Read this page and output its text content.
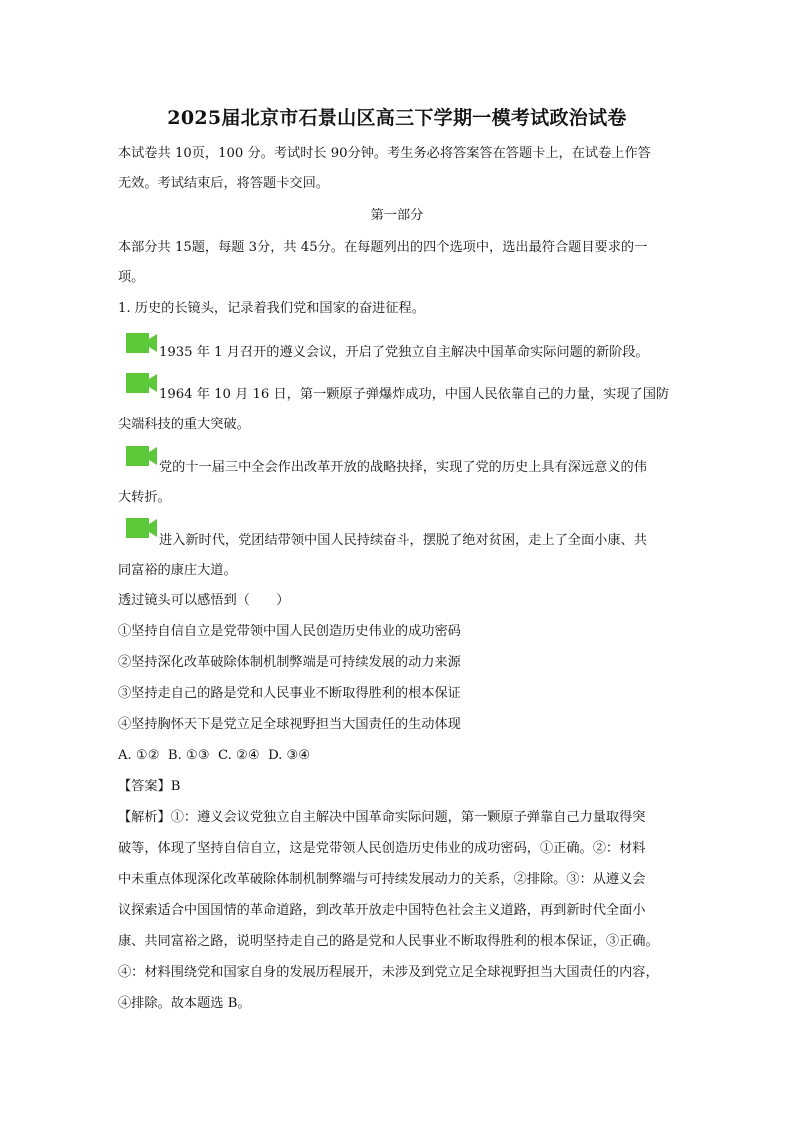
2025届北京市石景山区高三下学期一模考试政治试卷
本试卷共 10页，100 分。考试时长 90分钟。考生务必将答案答在答题卡上，在试卷上作答
无效。考试结束后，将答题卡交回。
第一部分
本部分共 15题，每题 3分，共 45分。在每题列出的四个选项中，选出最符合题目要求的一
项。
1. 历史的长镜头，记录着我们党和国家的奋进征程。
1935 年 1 月召开的遵义会议，开启了党独立自主解决中国革命实际问题的新阶段。
1964 年 10 月 16 日，第一颗原子弹爆炸成功，中国人民依靠自己的力量，实现了国防
尖端科技的重大突破。
党的十一届三中全会作出改革开放的战略抉择，实现了党的历史上具有深远意义的伟
大转折。
进入新时代，党团结带领中国人民持续奋斗，摆脱了绝对贫困，走上了全面小康、共
同富裕的康庄大道。
透过镜头可以感悟到（　　）
①坚持自信自立是党带领中国人民创造历史伟业的成功密码
②坚持深化改革破除体制机制弊端是可持续发展的动力来源
③坚持走自己的路是党和人民事业不断取得胜利的根本保证
④坚持胸怀天下是党立足全球视野担当大国责任的生动体现
A. ①②  B. ①③  C. ②④  D. ③④
【答案】B
【解析】①：遵义会议党独立自主解决中国革命实际问题，第一颗原子弹靠自己力量取得突
破等，体现了坚持自信自立，这是党带领人民创造历史伟业的成功密码，①正确。②：材料
中未重点体现深化改革破除体制机制弊端与可持续发展动力的关系，②排除。③：从遵义会
议探索适合中国国情的革命道路，到改革开放走中国特色社会主义道路，再到新时代全面小
康、共同富裕之路，说明坚持走自己的路是党和人民事业不断取得胜利的根本保证，③正确。
④：材料围绕党和国家自身的发展历程展开，未涉及到党立足全球视野担当大国责任的内容，
④排除。故本题选 B。
